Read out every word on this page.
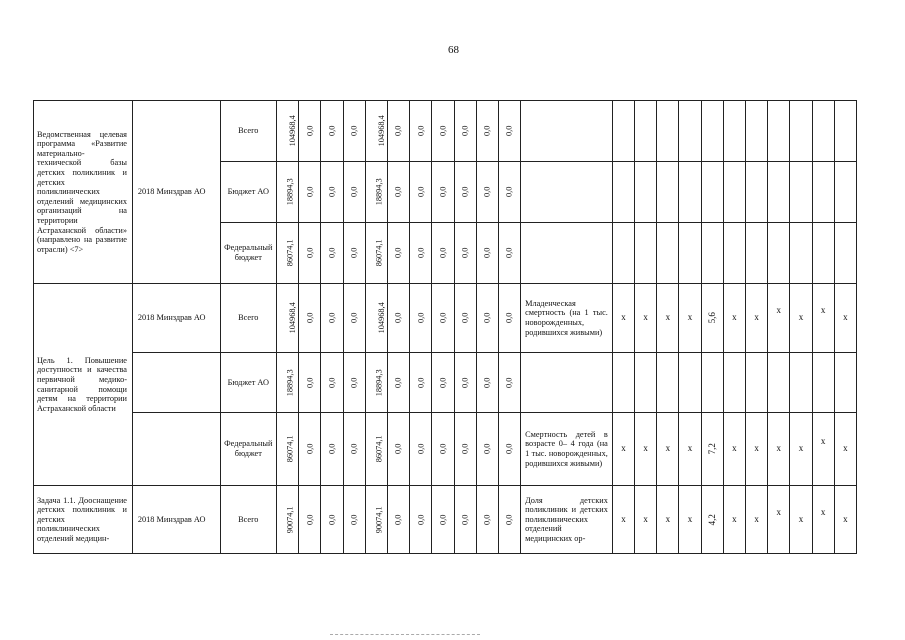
68
Ведомственная целевая программа «Развитие материально-технической базы детских поликлиник и детских поликлинических отделений медицинских организаций на территории Астраханской области» (направлено на развитие отрасли) <7>	2018 Минздрав АО	Всего	104968,4	0,0	0,0	0,0	104968,4	0,0	0,0	0,0	0,0	0,0	0,0												
		Бюджет АО	18894,3	0,0	0,0	0,0	18894,3	0,0	0,0	0,0	0,0	0,0	0,0												
		Федеральный бюджет	86074,1	0,0	0,0	0,0	86074,1	0,0	0,0	0,0	0,0	0,0	0,0												

Цель 1. Повышение доступности и качества первичной медико-санитарной помощи детям на территории Астраханской области	2018 Минздрав АО	Всего	104968,4	0,0	0,0	0,0	104968,4	0,0	0,0	0,0	0,0	0,0	0,0	Младенческая смертность (на 1 тыс. новорожденных, родившихся живыми)	х	х	х	х	5,6	х	х	х	х	х	х
		Бюджет АО	18894,3	0,0	0,0	0,0	18894,3	0,0	0,0	0,0	0,0	0,0	0,0												
		Федеральный бюджет	86074,1	0,0	0,0	0,0	86074,1	0,0	0,0	0,0	0,0	0,0	0,0	Смертность детей в возрасте 0– 4 года (на 1 тыс. новорожденных, родившихся живыми)	х	х	х	х	7,2	х	х	х	х	х	х

Задача 1.1. Дооснащение детских поликлиник и детских поликлинических отделений медицин-	2018 Минздрав АО	Всего	90074,1	0,0	0,0	0,0	90074,1	0,0	0,0	0,0	0,0	0,0	0,0	Доля детских поликлиник и детских поликлинических отделений медицинских ор-	х	х	х	х	4,2	х	х	х	х	х	х
